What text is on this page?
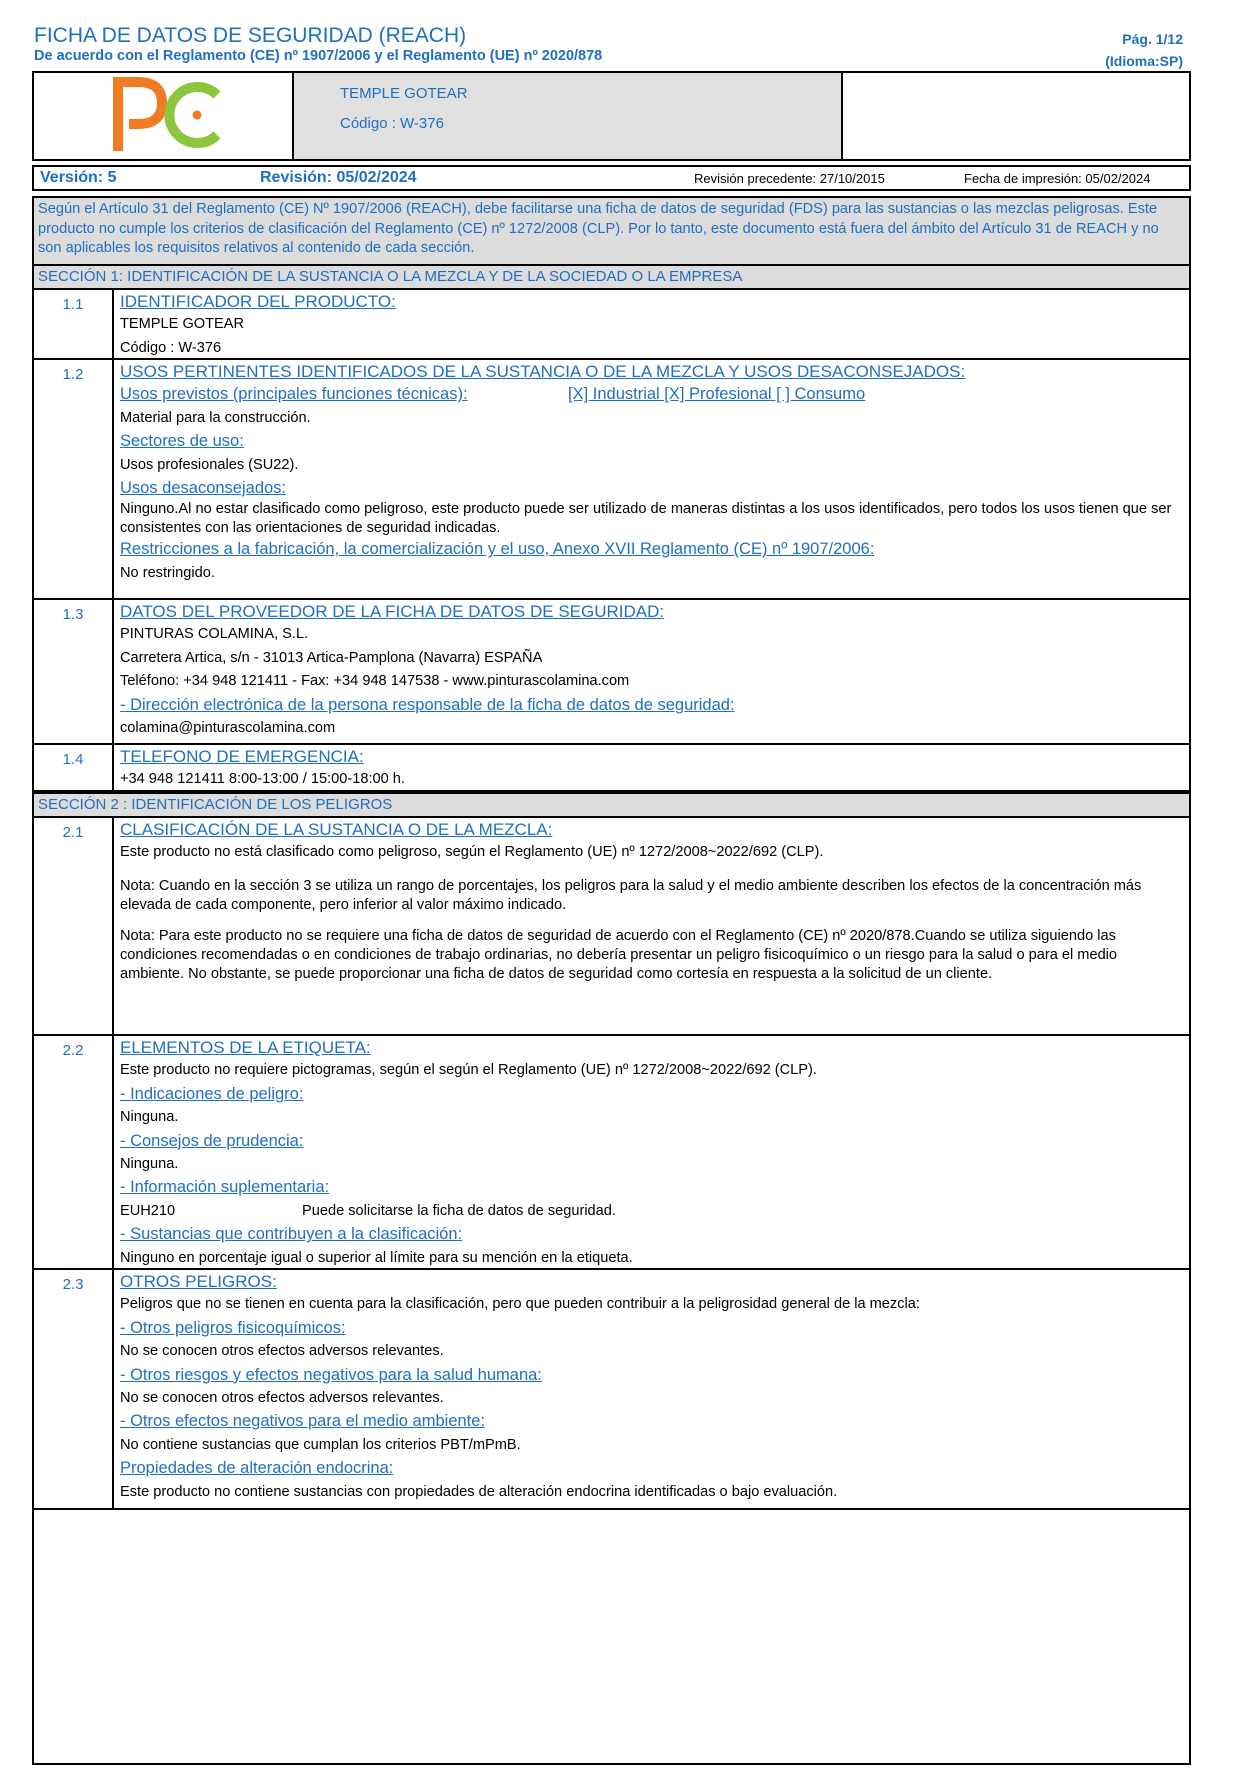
FICHA DE DATOS DE SEGURIDAD (REACH)
De acuerdo con el Reglamento (CE) nº 1907/2006 y el Reglamento (UE) nº 2020/878
Pág. 1/12
(Idioma:SP)
TEMPLE GOTEAR
Código : W-376
Versión: 5	Revisión: 05/02/2024	Revisión precedente: 27/10/2015	Fecha de impresión: 05/02/2024
Según el Artículo 31 del Reglamento (CE) Nº 1907/2006 (REACH), debe facilitarse una ficha de datos de seguridad (FDS) para las sustancias o las mezclas peligrosas. Este producto no cumple los criterios de clasificación del Reglamento (CE) nº 1272/2008 (CLP). Por lo tanto, este documento está fuera del ámbito del Artículo 31 de REACH y no son aplicables los requisitos relativos al contenido de cada sección.
SECCIÓN 1: IDENTIFICACIÓN DE LA SUSTANCIA O LA MEZCLA Y DE LA SOCIEDAD O LA EMPRESA
1.1	IDENTIFICADOR DEL PRODUCTO:
TEMPLE GOTEAR
Código : W-376
1.2	USOS PERTINENTES IDENTIFICADOS DE LA SUSTANCIA O DE LA MEZCLA Y USOS DESACONSEJADOS:
Usos previstos (principales funciones técnicas):	[X] Industrial [X] Profesional [ ] Consumo
Material para la construcción.
Sectores de uso:
Usos profesionales (SU22).
Usos desaconsejados:
Ninguno.Al no estar clasificado como peligroso, este producto puede ser utilizado de maneras distintas a los usos identificados, pero todos los usos tienen que ser consistentes con las orientaciones de seguridad indicadas.
Restricciones a la fabricación, la comercialización y el uso, Anexo XVII Reglamento (CE) nº 1907/2006:
No restringido.
1.3	DATOS DEL PROVEEDOR DE LA FICHA DE DATOS DE SEGURIDAD:
PINTURAS COLAMINA, S.L.
Carretera Artica, s/n - 31013 Artica-Pamplona (Navarra) ESPAÑA
Teléfono: +34 948 121411 - Fax: +34 948 147538 - www.pinturascolamina.com
- Dirección electrónica de la persona responsable de la ficha de datos de seguridad:
colamina@pinturascolamina.com
1.4	TELEFONO DE EMERGENCIA:
+34 948 121411 8:00-13:00 / 15:00-18:00 h.
SECCIÓN 2 : IDENTIFICACIÓN DE LOS PELIGROS
2.1	CLASIFICACIÓN DE LA SUSTANCIA O DE LA MEZCLA:
Este producto no está clasificado como peligroso, según el Reglamento (UE) nº 1272/2008~2022/692 (CLP).
Nota: Cuando en la sección 3 se utiliza un rango de porcentajes, los peligros para la salud y el medio ambiente describen los efectos de la concentración más elevada de cada componente, pero inferior al valor máximo indicado.
Nota: Para este producto no se requiere una ficha de datos de seguridad de acuerdo con el Reglamento (CE) nº 2020/878.Cuando se utiliza siguiendo las condiciones recomendadas o en condiciones de trabajo ordinarias, no debería presentar un peligro fisicoquímico o un riesgo para la salud o para el medio ambiente. No obstante, se puede proporcionar una ficha de datos de seguridad como cortesía en respuesta a la solicitud de un cliente.
2.2	ELEMENTOS DE LA ETIQUETA:
Este producto no requiere pictogramas, según el según el Reglamento (UE) nº 1272/2008~2022/692 (CLP).
- Indicaciones de peligro:
Ninguna.
- Consejos de prudencia:
Ninguna.
- Información suplementaria:
EUH210	Puede solicitarse la ficha de datos de seguridad.
- Sustancias que contribuyen a la clasificación:
Ninguno en porcentaje igual o superior al límite para su mención en la etiqueta.
2.3	OTROS PELIGROS:
Peligros que no se tienen en cuenta para la clasificación, pero que pueden contribuir a la peligrosidad general de la mezcla:
- Otros peligros fisicoquímicos:
No se conocen otros efectos adversos relevantes.
- Otros riesgos y efectos negativos para la salud humana:
No se conocen otros efectos adversos relevantes.
- Otros efectos negativos para el medio ambiente:
No contiene sustancias que cumplan los criterios PBT/mPmB.
Propiedades de alteración endocrina:
Este producto no contiene sustancias con propiedades de alteración endocrina identificadas o bajo evaluación.
